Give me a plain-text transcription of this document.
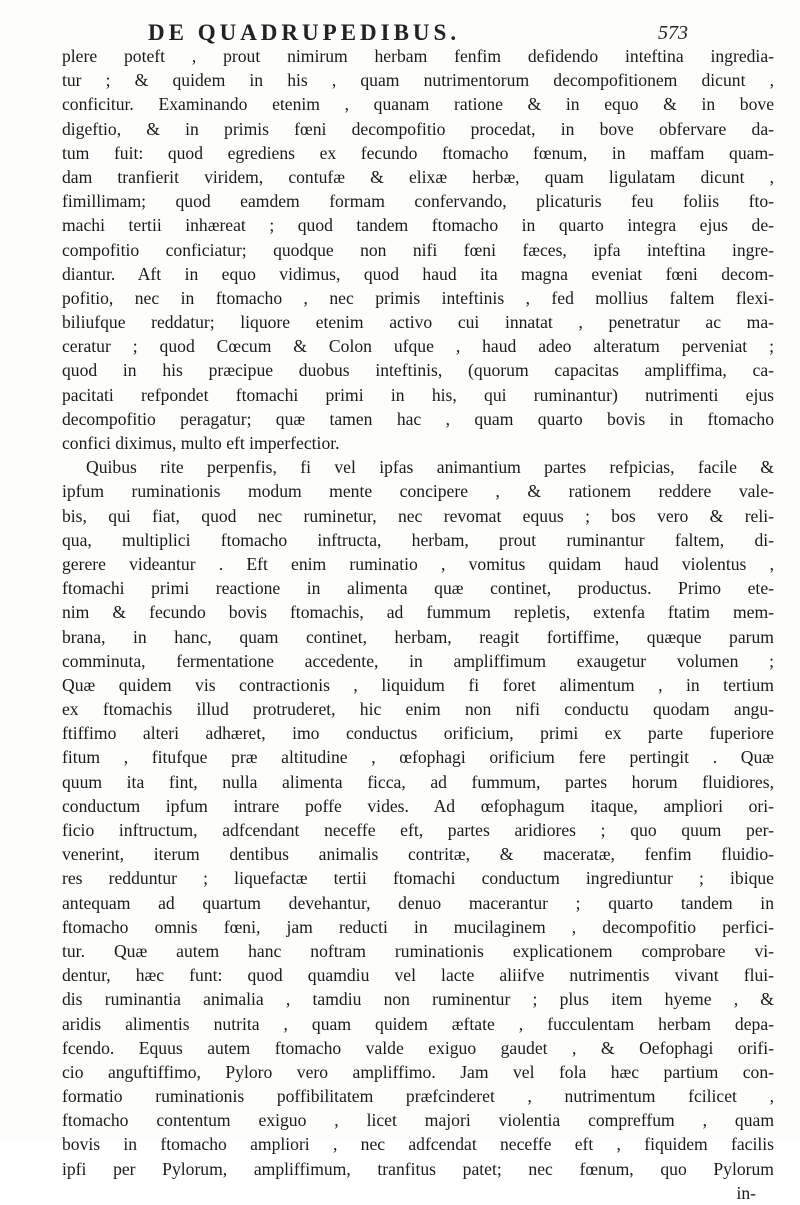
DE QUADRUPEDIBUS.	573
plere poteft , prout nimirum herbam fenfim defidendo inteftina ingredia-
tur ; & quidem in his , quam nutrimentorum decompofitionem dicunt ,
conficitur. Examinando etenim , quanam ratione & in equo & in bove
digeftio, & in primis fœni decompofitio procedat, in bove obfervare da-
tum fuit: quod egrediens ex fecundo ftomacho fœnum, in maffam quam-
dam tranfierit viridem, contufæ & elixæ herbæ, quam ligulatam dicunt ,
fimillimam; quod eamdem formam confervando, plicaturis feu foliis fto-
machi tertii inhæreat ; quod tandem ftomacho in quarto integra ejus de-
compofitio conficiatur; quodque non nifi fœni fæces, ipfa inteftina ingre-
diantur. Aft in equo vidimus, quod haud ita magna eveniat fœni decom-
pofitio, nec in ftomacho , nec primis inteftinis , fed mollius faltem flexi-
biliufque reddatur; liquore etenim activo cui innatat , penetratur ac ma-
ceratur ; quod Cœcum & Colon ufque , haud adeo alteratum perveniat ;
quod in his præcipue duobus inteftinis, (quorum capacitas ampliffima, ca-
pacitati refpondet ftomachi primi in his, qui ruminantur) nutrimenti ejus
decompofitio peragatur; quæ tamen hac , quam quarto bovis in ftomacho
confici diximus, multo eft imperfectior.
Quibus rite perpenfis, fi vel ipfas animantium partes refpicias, facile &
ipfum ruminationis modum mente concipere , & rationem reddere vale-
bis, qui fiat, quod nec ruminetur, nec revomat equus ; bos vero & reli-
qua, multiplici ftomacho inftructa, herbam, prout ruminantur faltem, di-
gerere videantur . Eft enim ruminatio , vomitus quidam haud violentus ,
ftomachi primi reactione in alimenta quæ continet, productus. Primo ete-
nim & fecundo bovis ftomachis, ad fummum repletis, extenfa ftatim mem-
brana, in hanc, quam continet, herbam, reagit fortiffime, quæque parum
comminuta, fermentatione accedente, in ampliffimum exaugetur volumen ;
Quæ quidem vis contractionis , liquidum fi foret alimentum , in tertium
ex ftomachis illud protruderet, hic enim non nifi conductu quodam angu-
ftiffimo alteri adhæret, imo conductus orificium, primi ex parte fuperiore
fitum , fitufque præ altitudine , œfophagi orificium fere pertingit . Quæ
quum ita fint, nulla alimenta ficca, ad fummum, partes horum fluidiores,
conductum ipfum intrare poffe vides. Ad œfophagum itaque, ampliori ori-
ficio inftructum, adfcendant neceffe eft, partes aridiores ; quo quum per-
venerint, iterum dentibus animalis contritæ, & maceratæ, fenfim fluidio-
res redduntur ; liquefactæ tertii ftomachi conductum ingrediuntur ; ibique
antequam ad quartum devehantur, denuo macerantur ; quarto tandem in
ftomacho omnis fœni, jam reducti in mucilaginem , decompofitio perfici-
tur. Quæ autem hanc noftram ruminationis explicationem comprobare vi-
dentur, hæc funt: quod quamdiu vel lacte aliifve nutrimentis vivant flui-
dis ruminantia animalia , tamdiu non ruminentur ; plus item hyeme , &
aridis alimentis nutrita , quam quidem æftate , fucculentam herbam depa-
fcendo. Equus autem ftomacho valde exiguo gaudet , & Oefophagi orifi-
cio anguftiffimo, Pyloro vero ampliffimo. Jam vel fola hæc partium con-
formatio ruminationis poffibilitatem præfcinderet , nutrimentum fcilicet ,
ftomacho contentum exiguo , licet majori violentia compreffum , quam
bovis in ftomacho ampliori , nec adfcendat neceffe eft , fiquidem facilis
ipfi per Pylorum, ampliffimum, tranfitus patet; nec fœnum, quo Pylorum
in-
